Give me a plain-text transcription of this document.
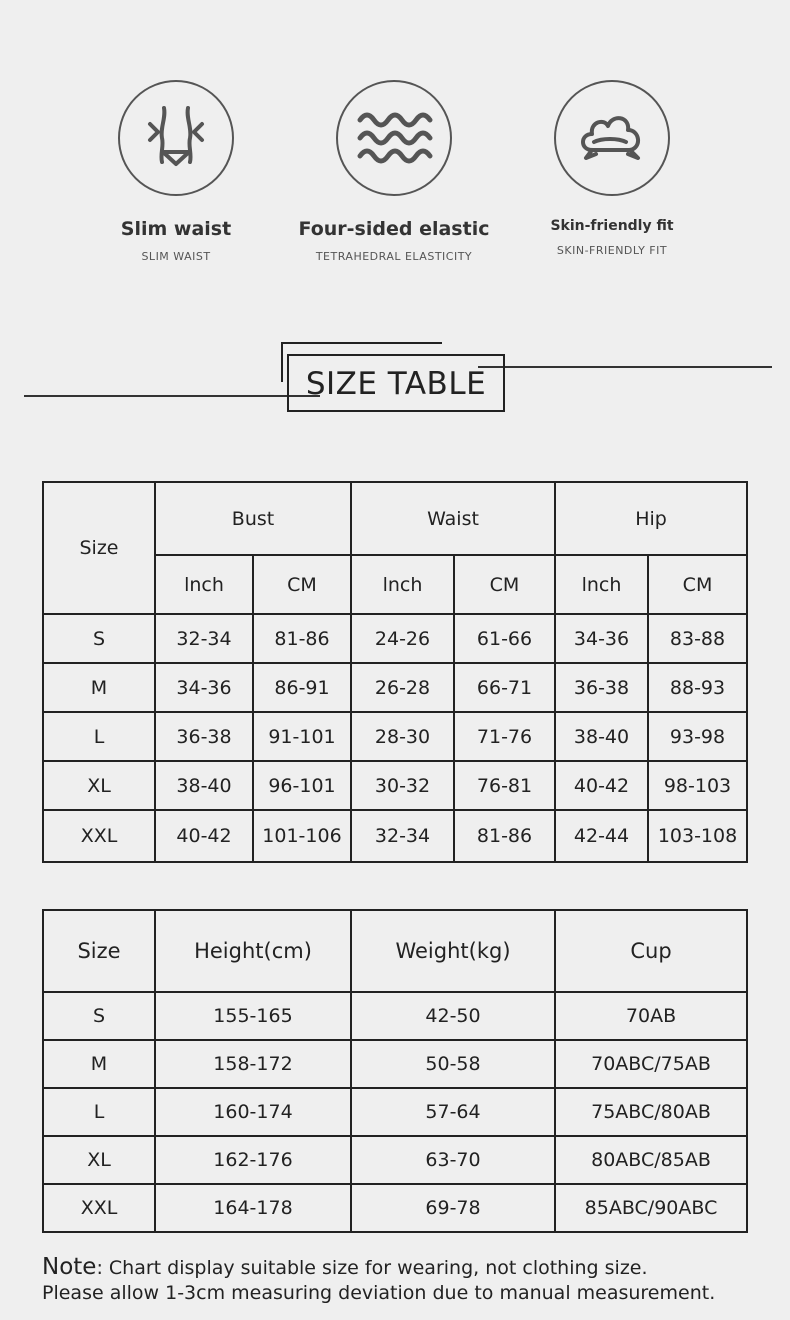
Slim waist
SLIM WAIST
Four-sided elastic
TETRAHEDRAL ELASTICITY
Skin-friendly fit
SKIN-FRIENDLY FIT
SIZE TABLE
Size	Bust		Waist		Hip	
	lnch	CM	lnch	CM	lnch	CM
S	32-34	81-86	24-26	61-66	34-36	83-88
M	34-36	86-91	26-28	66-71	36-38	88-93
L	36-38	91-101	28-30	71-76	38-40	93-98
XL	38-40	96-101	30-32	76-81	40-42	98-103
XXL	40-42	101-106	32-34	81-86	42-44	103-108
Size	Height(cm)	Weight(kg)	Cup
S	155-165	42-50	70AB
M	158-172	50-58	70ABC/75AB
L	160-174	57-64	75ABC/80AB
XL	162-176	63-70	80ABC/85AB
XXL	164-178	69-78	85ABC/90ABC
Note: Chart display suitable size for wearing, not clothing size.
Please allow 1-3cm measuring deviation due to manual measurement.
